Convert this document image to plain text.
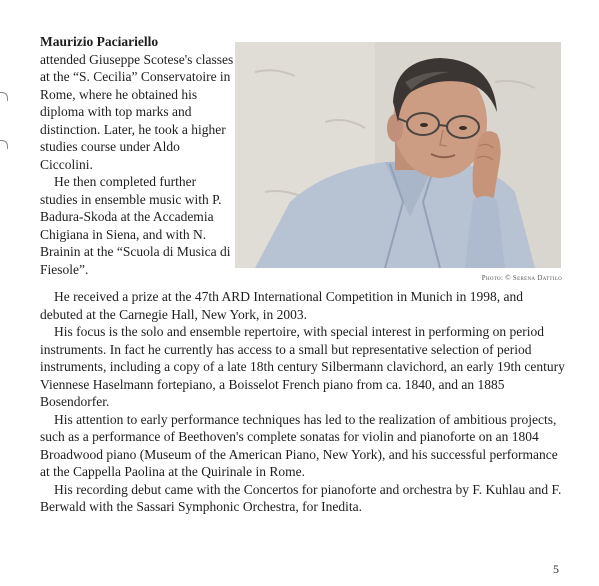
Maurizio Paciariello
attended Giuseppe Scotese's classes at the “S. Cecilia” Conservatoire in Rome, where he obtained his diploma with top marks and distinction. Later, he took a higher studies course under Aldo Ciccolini.

He then completed further studies in ensemble music with P. Badura-Skoda at the Accademia Chigiana in Siena, and with N. Brainin at the “Scuola di Musica di Fiesole”.

Photo: © Serena Dattilo

He received a prize at the 47th ARD International Competition in Munich in 1998, and debuted at the Carnegie Hall, New York, in 2003.

His focus is the solo and ensemble repertoire, with special interest in performing on period instruments. In fact he currently has access to a small but representative selection of period instruments, including a copy of a late 18th century Silbermann clavichord, an early 19th century Viennese Haselmann fortepiano, a Boisselot French piano from ca. 1840, and an 1885 Bosendorfer.

His attention to early performance techniques has led to the realization of ambitious projects, such as a performance of Beethoven's complete sonatas for violin and pianoforte on an 1804 Broadwood piano (Museum of the American Piano, New York), and his successful performance at the Cappella Paolina at the Quirinale in Rome.

His recording debut came with the Concertos for pianoforte and orchestra by F. Kuhlau and F. Berwald with the Sassari Symphonic Orchestra, for Inedita.

5
